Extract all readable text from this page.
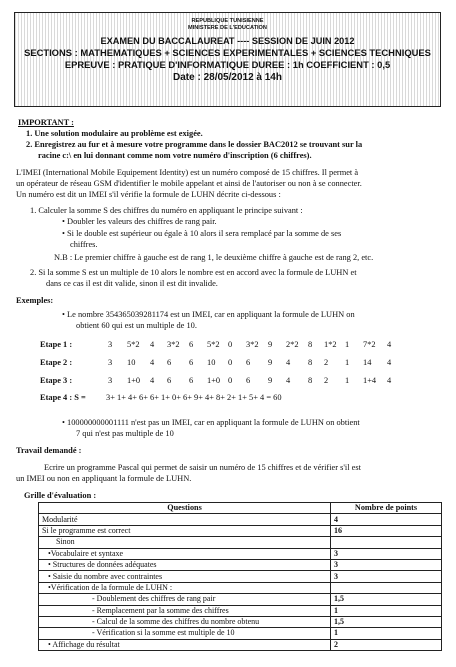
REPUBLIQUE TUNISIENNE
MINISTERE DE L'EDUCATION
EXAMEN DU BACCALAUREAT ---- SESSION DE JUIN 2012
SECTIONS : MATHEMATIQUES + SCIENCES EXPERIMENTALES + SCIENCES TECHNIQUES
EPREUVE : PRATIQUE D'INFORMATIQUE DUREE : 1h COEFFICIENT : 0,5
Date : 28/05/2012 à 14h
IMPORTANT :
1. Une solution modulaire au problème est exigée.
2. Enregistrez au fur et à mesure votre programme dans le dossier BAC2012 se trouvant sur la
racine c:\ en lui donnant comme nom votre numéro d'inscription (6 chiffres).
L'IMEI (International Mobile Equipement Identity) est un numéro composé de 15 chiffres. Il permet à
un opérateur de réseau GSM d'identifier le mobile appelant et ainsi de l'autoriser ou non à se connecter.
Un numéro est dit un IMEI s'il vérifie la formule de LUHN décrite ci-dessous :
1. Calculer la somme S des chiffres du numéro en appliquant le principe suivant :
• Doubler les valeurs des chiffres de rang pair.
• Si le double est supérieur ou égale à 10 alors il sera remplacé par la somme de ses
chiffres.
N.B : Le premier chiffre à gauche est de rang 1, le deuxième chiffre à gauche est de rang 2, etc.
2. Si la somme S est un multiple de 10 alors le nombre est en accord avec la formule de LUHN et
dans ce cas il est dit valide, sinon il est dit invalide.
Exemples:
• Le nombre 354365039281174 est un IMEI, car en appliquant la formule de LUHN on
obtient 60 qui est un multiple de 10.
Etape 1 :	3 5*2 4 3*2 6 5*2 0 3*2 9 2*2 8 1*2 1 7*2 4
Etape 2 :	3 10 4 6 6 10 0 6 9 4 8 2 1 14 4
Etape 3 :	3 1+0 4 6 6 1+0 0 6 9 4 8 2 1 1+4 4
Etape 4 : S = 3+ 1+ 4+ 6+ 6+ 1+ 0+ 6+ 9+ 4+ 8+ 2+ 1+ 5+ 4 = 60
• 100000000001111 n'est pas un IMEI, car en appliquant la formule de LUHN on obtient
7 qui n'est pas multiple de 10
Travail demandé :
Ecrire un programme Pascal qui permet de saisir un numéro de 15 chiffres et de vérifier s'il est
un IMEI ou non en appliquant la formule de LUHN.
Grille d'évaluation :
Questions	Nombre de points
Modularité	4
Si le programme est correct	16
Sinon	
•Vocabulaire et syntaxe	3
• Structures de données adéquates	3
• Saisie du nombre avec contraintes	3
•Vérification de la formule de LUHN :	
- Doublement des chiffres de rang pair	1,5
- Remplacement par la somme des chiffres	1
- Calcul de la somme des chiffres du nombre obtenu	1,5
- Vérification si la somme est multiple de 10	1
• Affichage du résultat	2
